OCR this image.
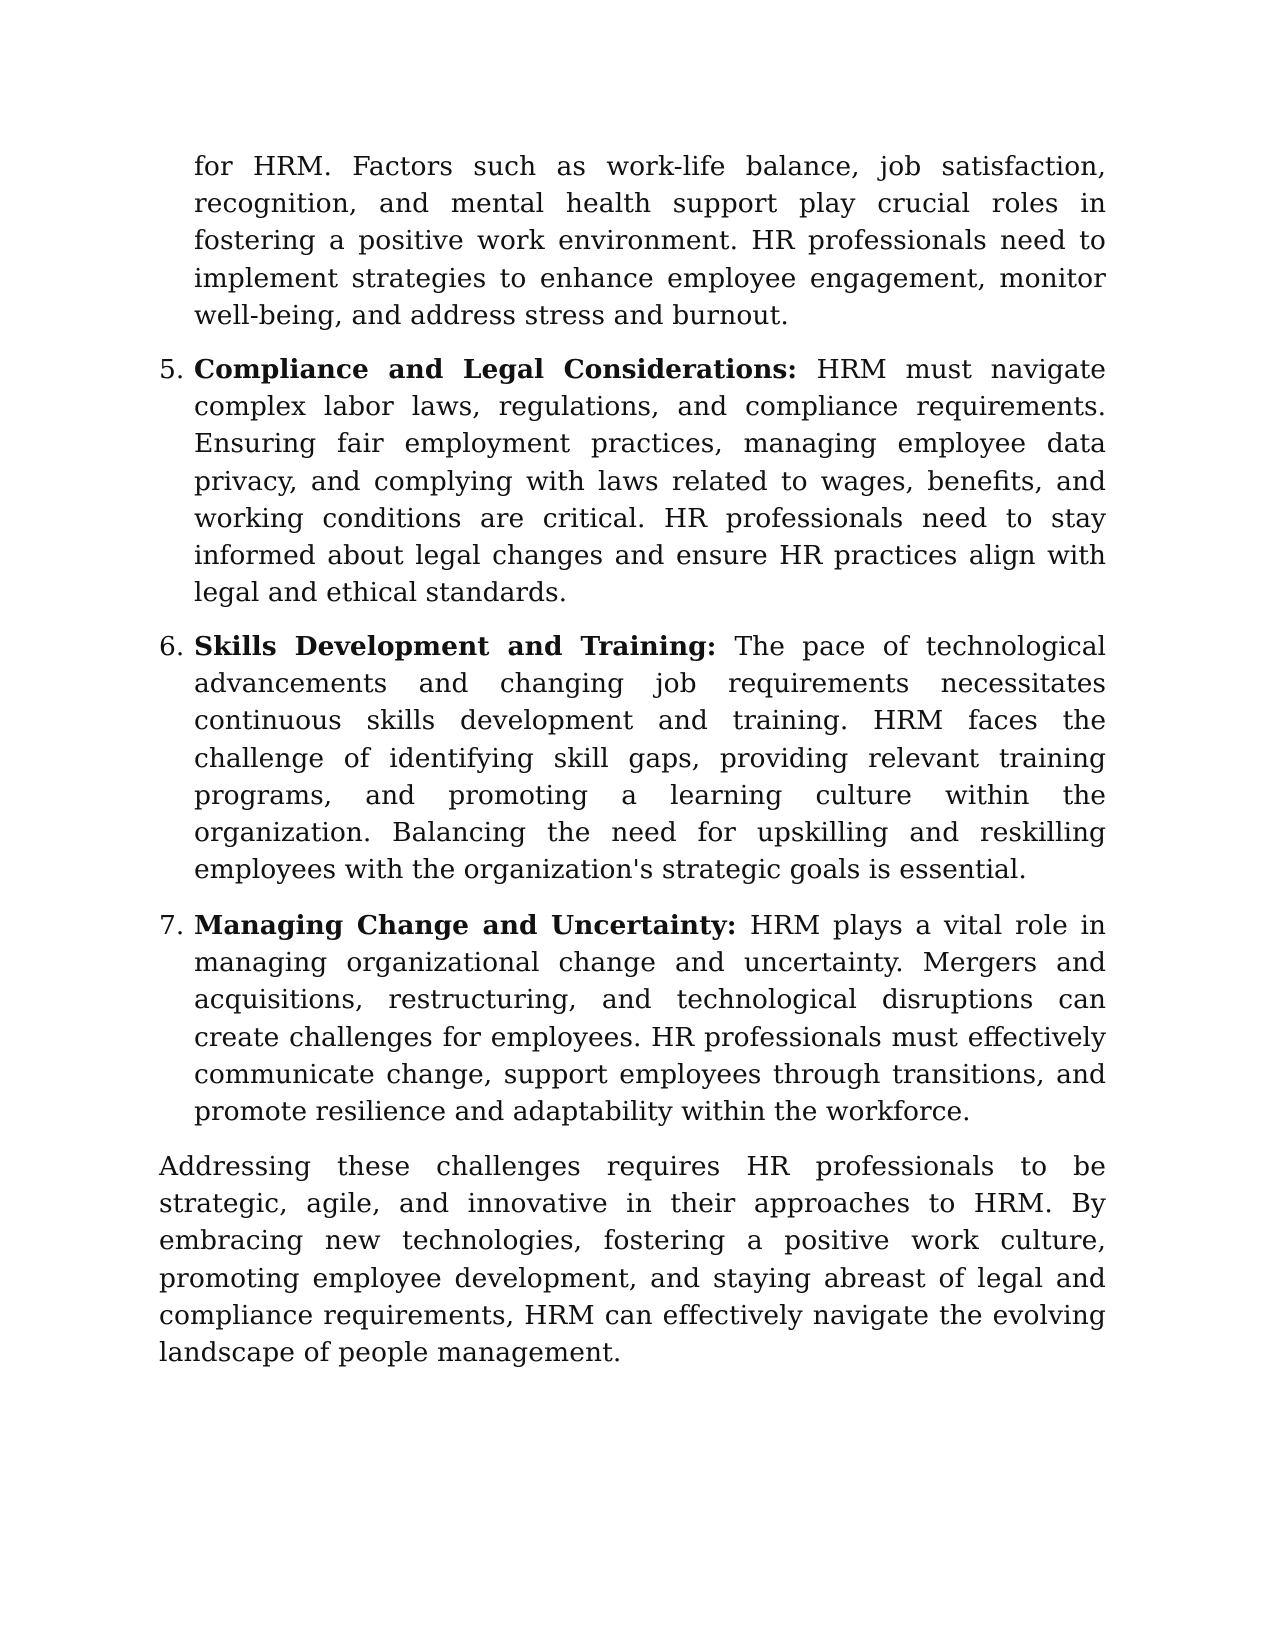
for HRM. Factors such as work-life balance, job satisfaction, recognition, and mental health support play crucial roles in fostering a positive work environment. HR professionals need to implement strategies to enhance employee engagement, monitor well-being, and address stress and burnout.

5. Compliance and Legal Considerations: HRM must navigate complex labor laws, regulations, and compliance requirements. Ensuring fair employment practices, managing employee data privacy, and complying with laws related to wages, benefits, and working conditions are critical. HR professionals need to stay informed about legal changes and ensure HR practices align with legal and ethical standards.
6. Skills Development and Training: The pace of technological advancements and changing job requirements necessitates continuous skills development and training. HRM faces the challenge of identifying skill gaps, providing relevant training programs, and promoting a learning culture within the organization. Balancing the need for upskilling and reskilling employees with the organization's strategic goals is essential.
7. Managing Change and Uncertainty: HRM plays a vital role in managing organizational change and uncertainty. Mergers and acquisitions, restructuring, and technological disruptions can create challenges for employees. HR professionals must effectively communicate change, support employees through transitions, and promote resilience and adaptability within the workforce.

Addressing these challenges requires HR professionals to be strategic, agile, and innovative in their approaches to HRM. By embracing new technologies, fostering a positive work culture, promoting employee development, and staying abreast of legal and compliance requirements, HRM can effectively navigate the evolving landscape of people management.
